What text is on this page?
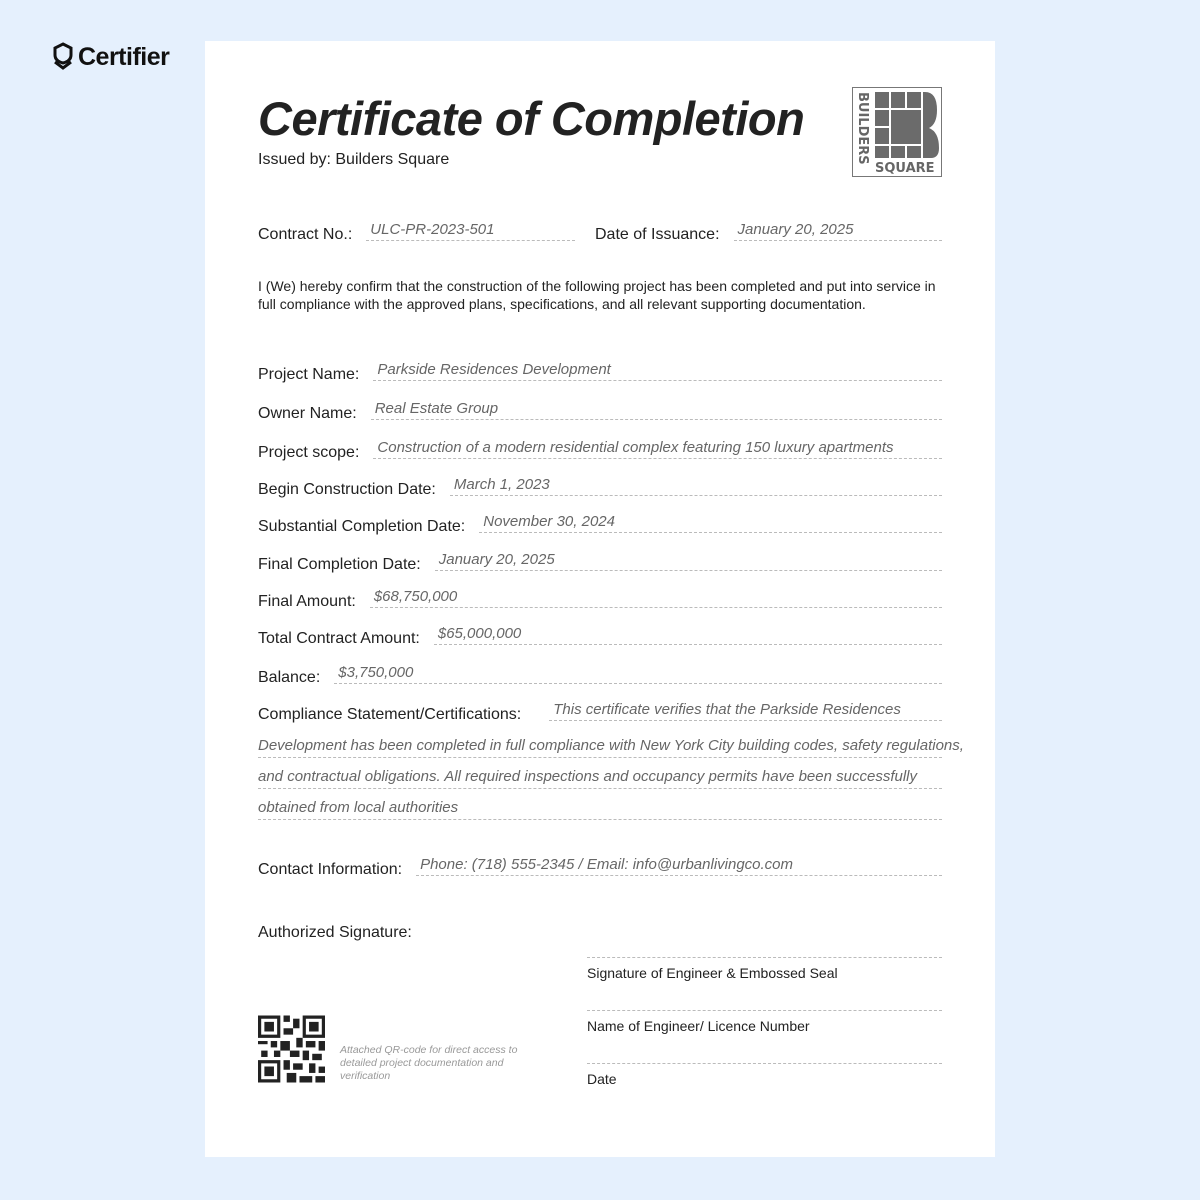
Certifier
Certificate of Completion
Issued by: Builders Square	BUILDERS
SQUARE
Contract No.:	ULC-PR-2023-501	Date of Issuance:	January 20, 2025
I (We) hereby confirm that the construction of the following project has been completed and put into service in full compliance with the approved plans, specifications, and all relevant supporting documentation.
Project Name:	Parkside Residences Development
Owner Name:	Real Estate Group
Project scope:	Construction of a modern residential complex featuring 150 luxury apartments
Begin Construction Date:	March 1, 2023
Substantial Completion Date:	November 30, 2024
Final Completion Date:	January 20, 2025
Final Amount:	$68,750,000
Total Contract Amount:	$65,000,000
Balance:	$3,750,000
Compliance Statement/Certifications:	This certificate verifies that the Parkside Residences
Development has been completed in full compliance with New York City building codes, safety regulations,
and contractual obligations. All required inspections and occupancy permits have been successfully
obtained from local authorities
Contact Information:	Phone: (718) 555-2345 / Email: info@urbanlivingco.com
Authorized Signature:
Signature of Engineer & Embossed Seal
Name of Engineer/ Licence Number
Date
Attached QR-code for direct access to detailed project documentation and verification
